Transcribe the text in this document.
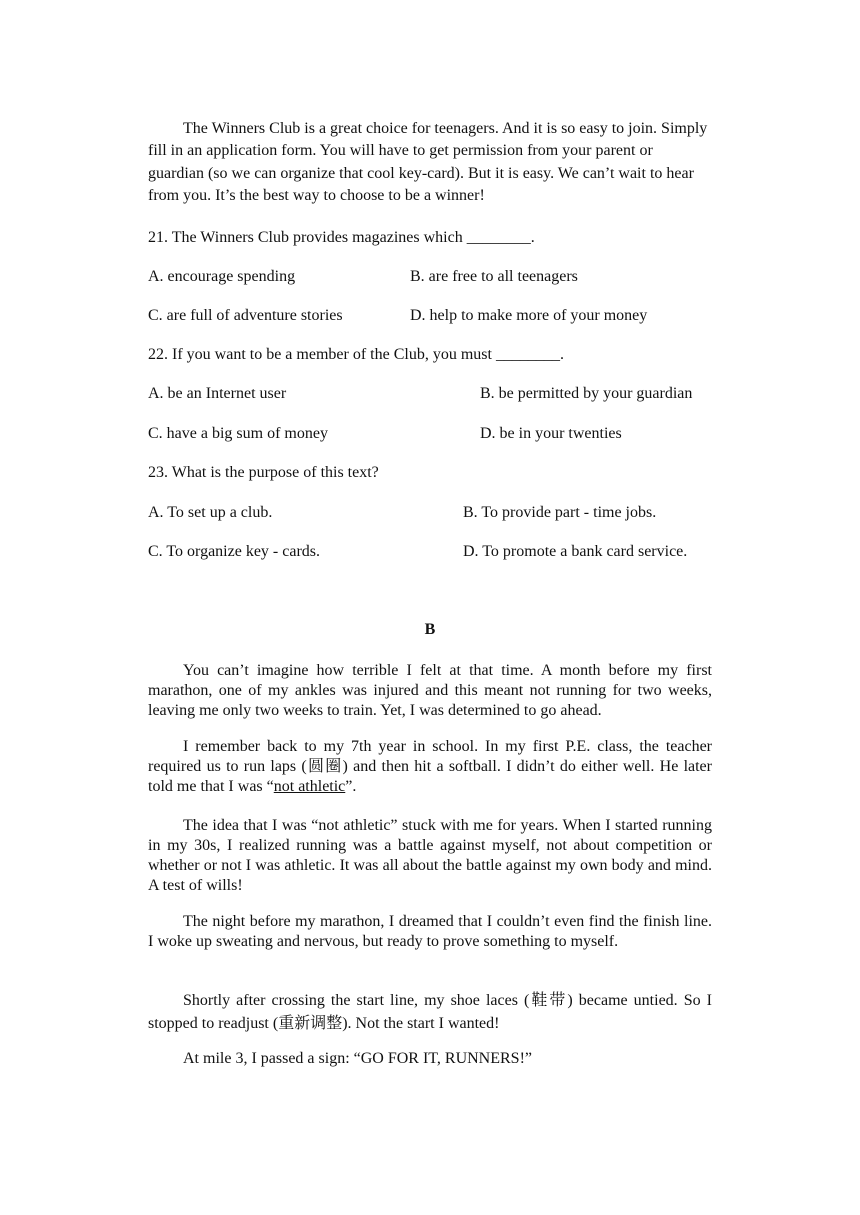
The Winners Club is a great choice for teenagers. And it is so easy to join. Simply fill in an application form. You will have to get permission from your parent or guardian (so we can organize that cool key-card). But it is easy. We can’t wait to hear from you. It’s the best way to choose to be a winner!

21. The Winners Club provides magazines which ________.
A. encourage spending	B. are free to all teenagers
C. are full of adventure stories	D. help to make more of your money
22. If you want to be a member of the Club, you must ________.
A. be an Internet user	B. be permitted by your guardian
C. have a big sum of money	D. be in your twenties
23. What is the purpose of this text?
A. To set up a club.	B. To provide part - time jobs.
C. To organize key - cards.	D. To promote a bank card service.
B

You can’t imagine how terrible I felt at that time. A month before my first marathon, one of my ankles was injured and this meant not running for two weeks, leaving me only two weeks to train. Yet, I was determined to go ahead.

I remember back to my 7th year in school. In my first P.E. class, the teacher required us to run laps (圆圈) and then hit a softball. I didn’t do either well. He later told me that I was “not athletic”.

The idea that I was “not athletic” stuck with me for years. When I started running in my 30s, I realized running was a battle against myself, not about competition or whether or not I was athletic. It was all about the battle against my own body and mind. A test of wills!

The night before my marathon, I dreamed that I couldn’t even find the finish line. I woke up sweating and nervous, but ready to prove something to myself.

Shortly after crossing the start line, my shoe laces (鞋带) became untied. So I stopped to readjust (重新调整). Not the start I wanted!

At mile 3, I passed a sign: “GO FOR IT, RUNNERS!”
